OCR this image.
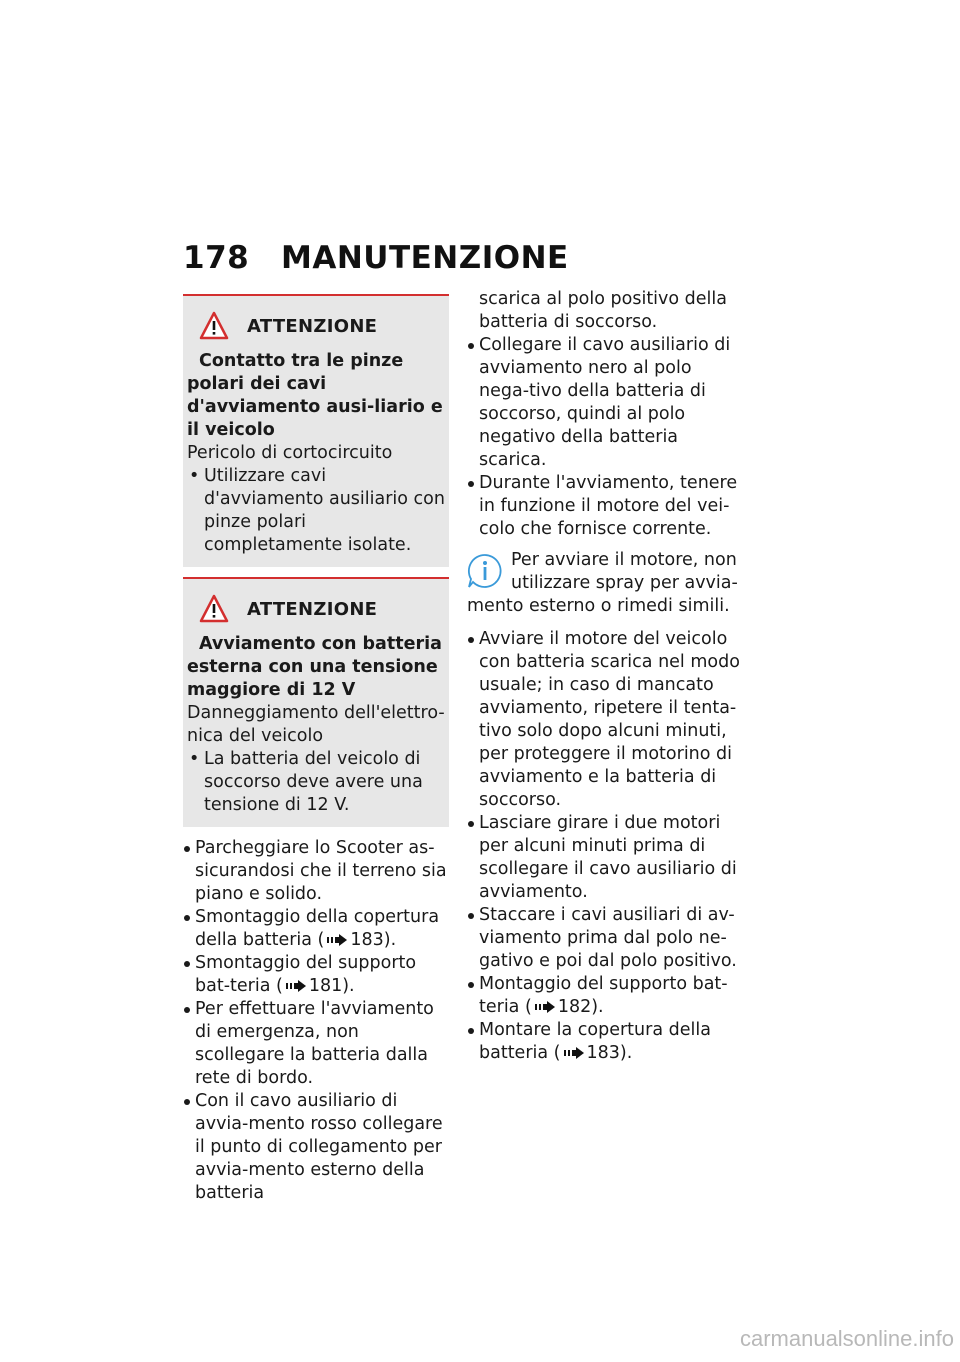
178 MANUTENZIONE
ATTENZIONE
Contatto tra le pinze polari dei cavi d'avviamento ausi-liario e il veicolo
Pericolo di cortocircuito
• Utilizzare cavi d'avviamento ausiliario con pinze polari completamente isolate.
ATTENZIONE
Avviamento con batteria esterna con una tensione maggiore di 12 V
Danneggiamento dell'elettro-nica del veicolo
• La batteria del veicolo di soccorso deve avere una tensione di 12 V.
Parcheggiare lo Scooter as-sicurandosi che il terreno sia piano e solido.
Smontaggio della copertura della batteria ( 183).
Smontaggio del supporto bat-teria ( 181).
Per effettuare l'avviamento di emergenza, non scollegare la batteria dalla rete di bordo.
Con il cavo ausiliario di avvia-mento rosso collegare il punto di collegamento per avvia-mento esterno della batteria
scarica al polo positivo della batteria di soccorso.
Collegare il cavo ausiliario di avviamento nero al polo nega-tivo della batteria di soccorso, quindi al polo negativo della batteria scarica.
Durante l'avviamento, tenere in funzione il motore del vei-colo che fornisce corrente.
Per avviare il motore, non utilizzare spray per avvia-mento esterno o rimedi simili.
Avviare il motore del veicolo con batteria scarica nel modo usuale; in caso di mancato avviamento, ripetere il tenta-tivo solo dopo alcuni minuti, per proteggere il motorino di avviamento e la batteria di soccorso.
Lasciare girare i due motori per alcuni minuti prima di scollegare il cavo ausiliario di avviamento.
Staccare i cavi ausiliari di av-viamento prima dal polo ne-gativo e poi dal polo positivo.
Montaggio del supporto bat-teria ( 182).
Montare la copertura della batteria ( 183).
carmanualsonline.info
